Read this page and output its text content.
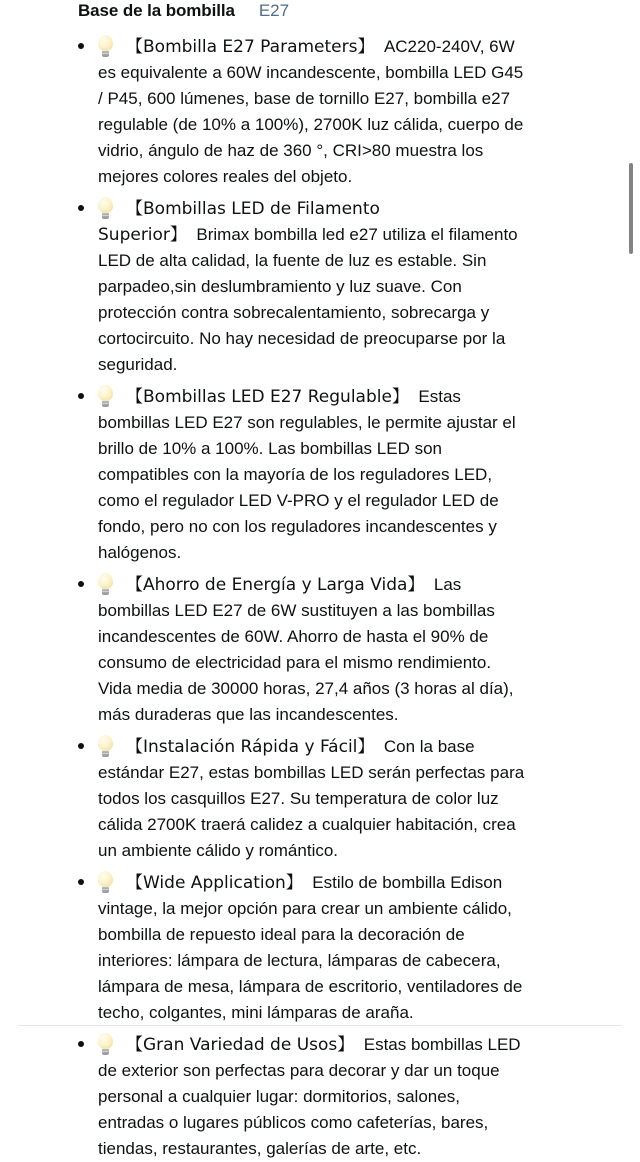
Base de la bombilla E27
【Bombilla E27 Parameters】 AC220-240V, 6W es equivalente a 60W incandescente, bombilla LED G45 / P45, 600 lúmenes, base de tornillo E27, bombilla e27 regulable (de 10% a 100%), 2700K luz cálida, cuerpo de vidrio, ángulo de haz de 360 °, CRI>80 muestra los mejores colores reales del objeto.
【Bombillas LED de Filamento Superior】 Brimax bombilla led e27 utiliza el filamento LED de alta calidad, la fuente de luz es estable. Sin parpadeo,sin deslumbramiento y luz suave. Con protección contra sobrecalentamiento, sobrecarga y cortocircuito. No hay necesidad de preocuparse por la seguridad.
【Bombillas LED E27 Regulable】 Estas bombillas LED E27 son regulables, le permite ajustar el brillo de 10% a 100%. Las bombillas LED son compatibles con la mayoría de los reguladores LED, como el regulador LED V-PRO y el regulador LED de fondo, pero no con los reguladores incandescentes y halógenos.
【Ahorro de Energía y Larga Vida】 Las bombillas LED E27 de 6W sustituyen a las bombillas incandescentes de 60W. Ahorro de hasta el 90% de consumo de electricidad para el mismo rendimiento. Vida media de 30000 horas, 27,4 años (3 horas al día), más duraderas que las incandescentes.
【Instalación Rápida y Fácil】 Con la base estándar E27, estas bombillas LED serán perfectas para todos los casquillos E27. Su temperatura de color luz cálida 2700K traerá calidez a cualquier habitación, crea un ambiente cálido y romántico.
【Wide Application】 Estilo de bombilla Edison vintage, la mejor opción para crear un ambiente cálido, bombilla de repuesto ideal para la decoración de interiores: lámpara de lectura, lámparas de cabecera, lámpara de mesa, lámpara de escritorio, ventiladores de techo, colgantes, mini lámparas de araña.
【Gran Variedad de Usos】 Estas bombillas LED de exterior son perfectas para decorar y dar un toque personal a cualquier lugar: dormitorios, salones, entradas o lugares públicos como cafeterías, bares, tiendas, restaurantes, galerías de arte, etc.
